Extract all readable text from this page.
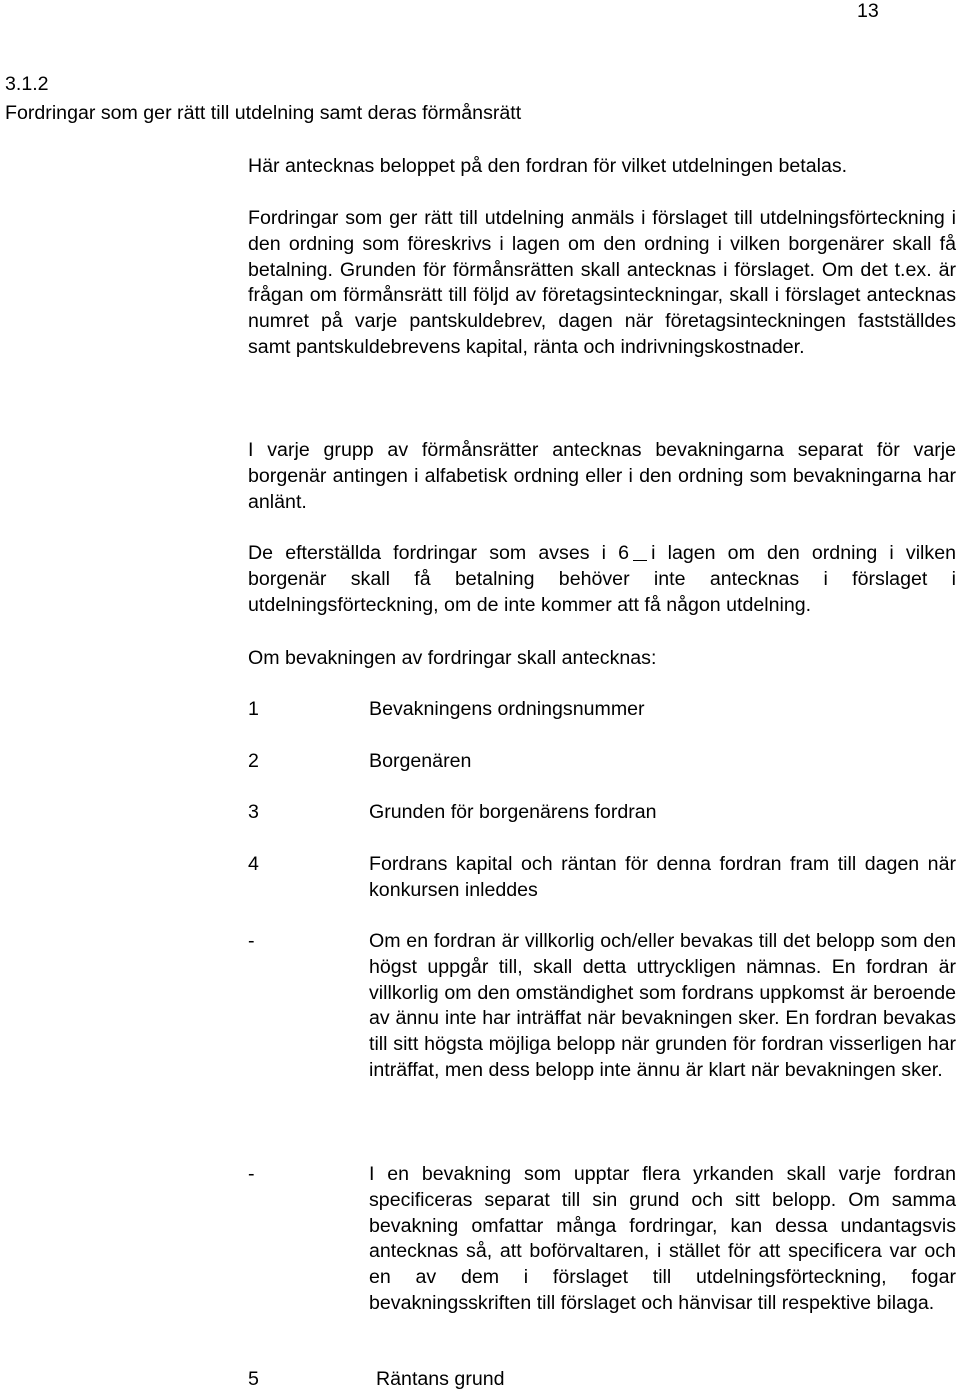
13
3.1.2
Fordringar som ger rätt till utdelning samt deras förmånsrätt
Här antecknas beloppet på den fordran för vilket utdelningen betalas.
Fordringar som ger rätt till utdelning anmäls i förslaget till utdelningsförteckning i den ordning som föreskrivs i lagen om den ordning i vilken borgenärer skall få betalning. Grunden för förmånsrätten skall antecknas i förslaget. Om det t.ex. är frågan om förmånsrätt till följd av företagsinteckningar, skall i förslaget antecknas numret på varje pantskuldebrev, dagen när företagsinteckningen fastställdes samt pantskuldebrevens kapital, ränta och indrivningskostnader.
I varje grupp av förmånsrätter antecknas bevakningarna separat för varje borgenär antingen i alfabetisk ordning eller i den ordning som bevakningarna har anlänt.
De efterställda fordringar som avses i 6 i lagen om den ordning i vilken borgenär skall få betalning behöver inte antecknas i förslaget i utdelningsförteckning, om de inte kommer att få någon utdelning.
Om bevakningen av fordringar skall antecknas:
1	Bevakningens ordningsnummer
2	Borgenären
3	Grunden för borgenärens fordran
4	Fordrans kapital och räntan för denna fordran fram till dagen när konkursen inleddes
-	Om en fordran är villkorlig och/eller bevakas till det belopp som den högst uppgår till, skall detta uttryckligen nämnas. En fordran är villkorlig om den omständighet som fordrans uppkomst är beroende av ännu inte har inträffat när bevakningen sker. En fordran bevakas till sitt högsta möjliga belopp när grunden för fordran visserligen har inträffat, men dess belopp inte ännu är klart när bevakningen sker.
-	I en bevakning som upptar flera yrkanden skall varje fordran specificeras separat till sin grund och sitt belopp. Om samma bevakning omfattar många fordringar, kan dessa undantagsvis antecknas så, att boförvaltaren, i stället för att specificera var och en av dem i förslaget till utdelningsförteckning, fogar bevakningsskriften till förslaget och hänvisar till respektive bilaga.
5	Räntans grund
